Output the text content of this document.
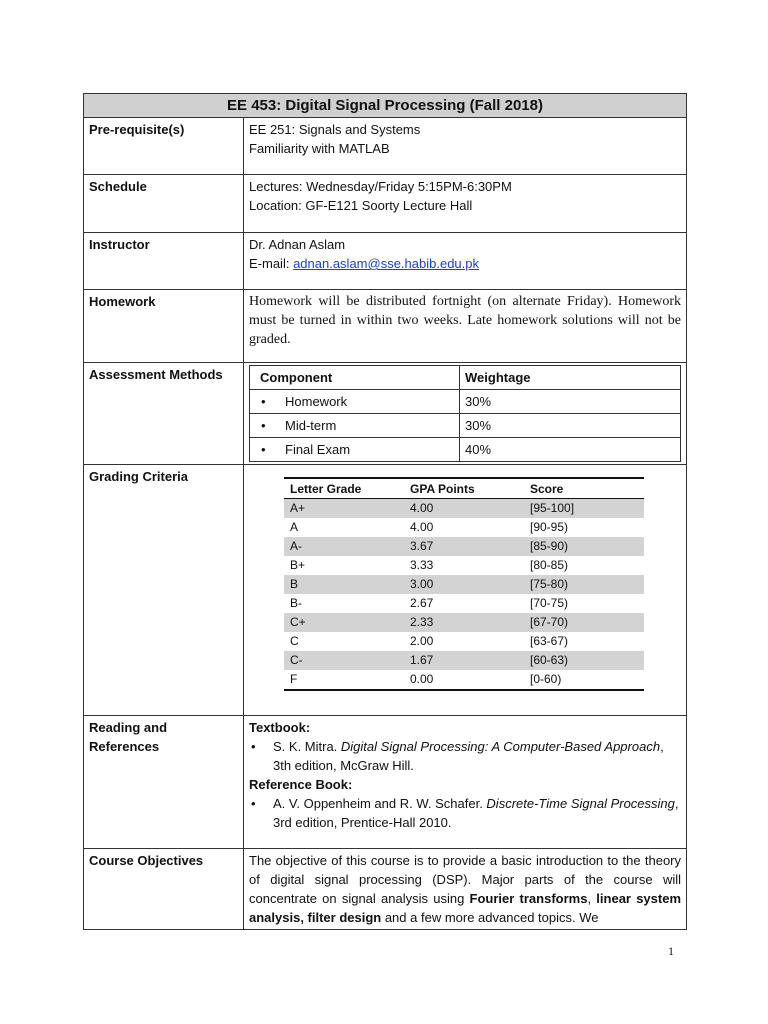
EE 453: Digital Signal Processing (Fall 2018)
Pre-requisite(s)	EE 251: Signals and Systems
Familiarity with MATLAB

Schedule	Lectures: Wednesday/Friday 5:15PM-6:30PM
Location: GF-E121 Soorty Lecture Hall

Instructor	Dr. Adnan Aslam
E-mail: adnan.aslam@sse.habib.edu.pk

Homework	Homework will be distributed fortnight (on alternate Friday). Homework must be turned in within two weeks. Late homework solutions will not be graded.
Assessment Methods		Component	Weightage
• Homework	30%
• Mid-term	30%
• Final Exam	40%

Grading Criteria	
Letter Grade	GPA Points	Score
A+	4.00	[95-100]
A	4.00	[90-95)
A-	3.67	[85-90)
B+	3.33	[80-85)
B	3.00	[75-80)
B-	2.67	[70-75)
C+	2.33	[67-70)
C	2.00	[63-67)
C-	1.67	[60-63)
F	0.00	[0-60)

Reading and
References

Textbook:
• S. K. Mitra. Digital Signal Processing: A Computer-Based Approach, 3th edition, McGraw Hill.
Reference Book:
• A. V. Oppenheim and R. W. Schafer. Discrete-Time Signal Processing, 3rd edition, Prentice-Hall 2010.

Course Objectives	The objective of this course is to provide a basic introduction to the theory of digital signal processing (DSP). Major parts of the course will concentrate on signal analysis using Fourier transforms, linear system analysis, filter design and a few more advanced topics. We
1
